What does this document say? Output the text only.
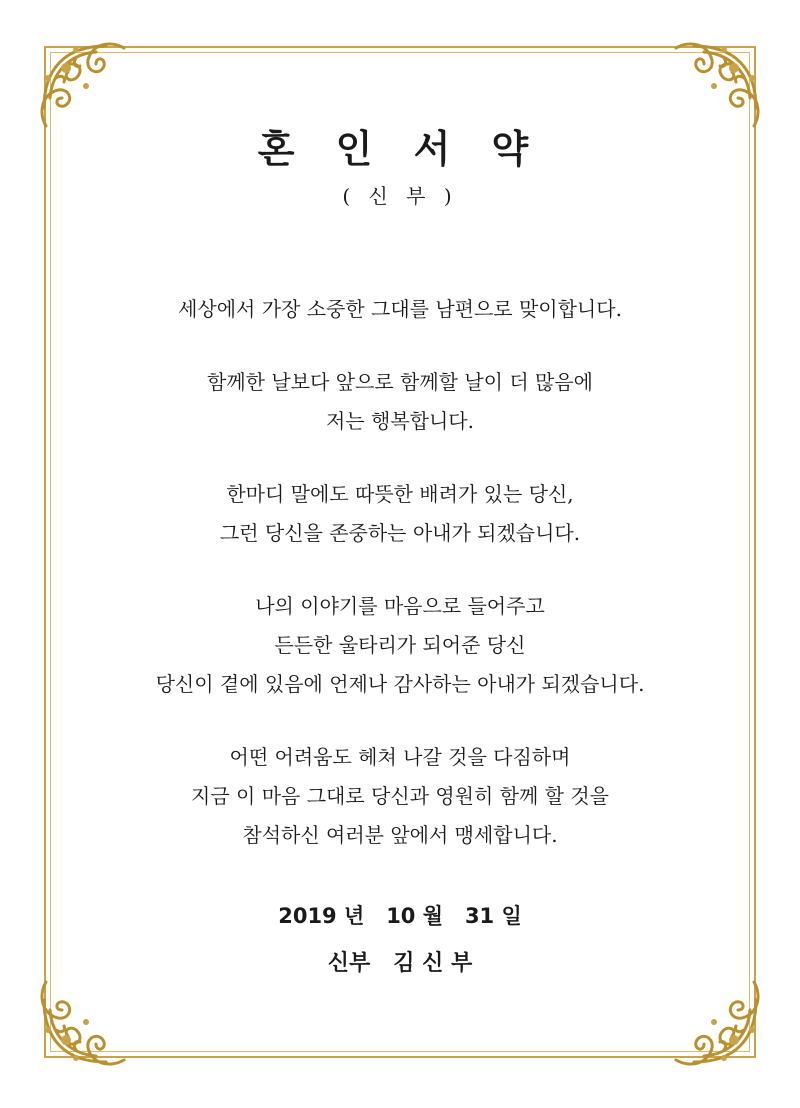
혼 인 서 약
( 신 부 )

세상에서 가장 소중한 그대를 남편으로 맞이합니다.

함께한 날보다 앞으로 함께할 날이 더 많음에
저는 행복합니다.

한마디 말에도 따뜻한 배려가 있는 당신,
그런 당신을 존중하는 아내가 되겠습니다.

나의 이야기를 마음으로 들어주고
든든한 울타리가 되어준 당신
당신이 곁에 있음에 언제나 감사하는 아내가 되겠습니다.

어떤 어려움도 헤쳐 나갈 것을 다짐하며
지금 이 마음 그대로 당신과 영원히 함께 할 것을
참석하신 여러분 앞에서 맹세합니다.

2019 년   10 월   31 일
신부   김 신 부
